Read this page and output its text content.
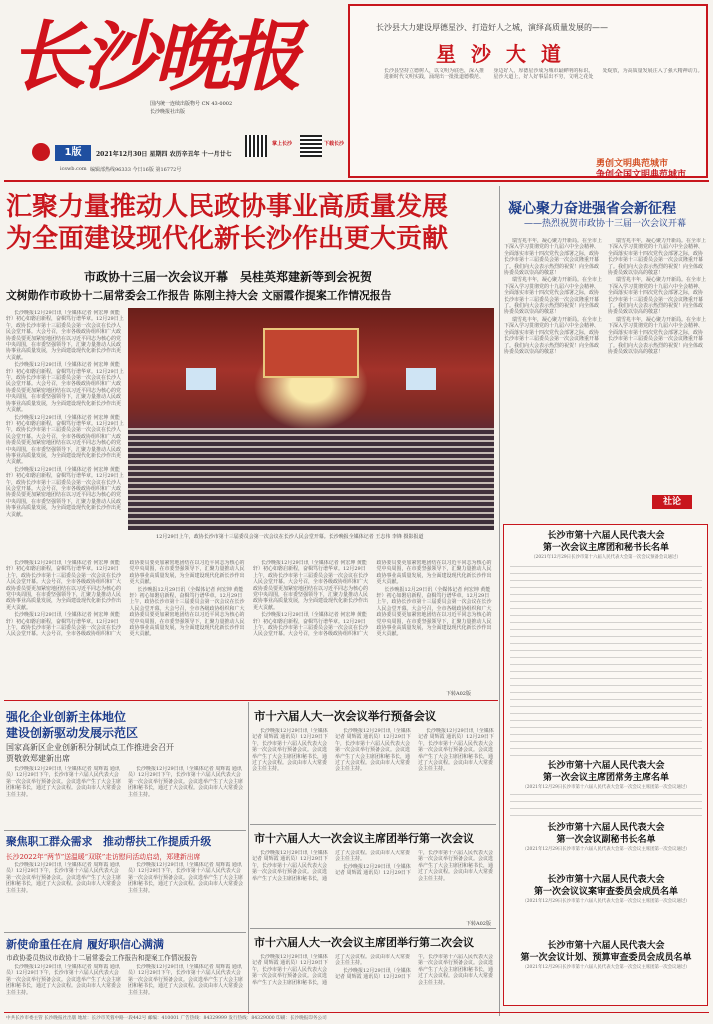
长沙晚报
国内统一连续出版物号 CN 43-0002
长沙晚报社出版
1版	2021年12月30日 星期四 农历辛丑年 十一月廿七
icswb.com 编辑部热线96333 今日16版 第16772号
掌上长沙	下载长沙
长沙县大力建设厚德星沙、打造好人之城，演绎高质量发展的——
星 沙 大 道
长沙县坚持立德树人，以文明为底色，深入推进新时代文明实践，涌现出一批批道德模范、身边好人，厚德星沙成为城市最鲜明的标识。星沙大道上，好人好事层出不穷，文明之花处处绽放，为高质量发展注入了强大精神动力。
勇创文明典范城市
争创全国文明典范城市
汇聚力量推动人民政协事业高质量发展
为全面建设现代化新长沙作出更大贡献
市政协十三届一次会议开幕　吴桂英郑建新等到会祝贺
文树勋作市政协十二届常委会工作报告 陈刚主持大会 文丽霞作提案工作情况报告

长沙晚报12月29日讯（全媒体记者 何宏坤 黄能轩）初心如磐启新程，奋楫笃行谱华章。12月29日上午，政协长沙市第十三届委员会第一次会议在长沙人民会堂开幕。大会号召，全市各级政协组织和广大政协委员要更加紧密地团结在以习近平同志为核心的党中央周围，在市委坚强领导下，汇聚力量推动人民政协事业高质量发展，为全面建设现代化新长沙作出更大贡献。

长沙晚报12月29日讯（全媒体记者 何宏坤 黄能轩）初心如磐启新程，奋楫笃行谱华章。12月29日上午，政协长沙市第十三届委员会第一次会议在长沙人民会堂开幕。大会号召，全市各级政协组织和广大政协委员要更加紧密地团结在以习近平同志为核心的党中央周围，在市委坚强领导下，汇聚力量推动人民政协事业高质量发展，为全面建设现代化新长沙作出更大贡献。

长沙晚报12月29日讯（全媒体记者 何宏坤 黄能轩）初心如磐启新程，奋楫笃行谱华章。12月29日上午，政协长沙市第十三届委员会第一次会议在长沙人民会堂开幕。大会号召，全市各级政协组织和广大政协委员要更加紧密地团结在以习近平同志为核心的党中央周围，在市委坚强领导下，汇聚力量推动人民政协事业高质量发展，为全面建设现代化新长沙作出更大贡献。

长沙晚报12月29日讯（全媒体记者 何宏坤 黄能轩）初心如磐启新程，奋楫笃行谱华章。12月29日上午，政协长沙市第十三届委员会第一次会议在长沙人民会堂开幕。大会号召，全市各级政协组织和广大政协委员要更加紧密地团结在以习近平同志为核心的党中央周围，在市委坚强领导下，汇聚力量推动人民政协事业高质量发展，为全面建设现代化新长沙作出更大贡献。

12月29日上午，政协长沙市第十三届委员会第一次会议在长沙人民会堂开幕。长沙晚报全媒体记者 王志伟 李锋 摄影报道

长沙晚报12月29日讯（全媒体记者 何宏坤 黄能轩）初心如磐启新程，奋楫笃行谱华章。12月29日上午，政协长沙市第十三届委员会第一次会议在长沙人民会堂开幕。大会号召，全市各级政协组织和广大政协委员要更加紧密地团结在以习近平同志为核心的党中央周围，在市委坚强领导下，汇聚力量推动人民政协事业高质量发展，为全面建设现代化新长沙作出更大贡献。

长沙晚报12月29日讯（全媒体记者 何宏坤 黄能轩）初心如磐启新程，奋楫笃行谱华章。12月29日上午，政协长沙市第十三届委员会第一次会议在长沙人民会堂开幕。大会号召，全市各级政协组织和广大政协委员要更加紧密地团结在以习近平同志为核心的党中央周围，在市委坚强领导下，汇聚力量推动人民政协事业高质量发展，为全面建设现代化新长沙作出更大贡献。

长沙晚报12月29日讯（全媒体记者 何宏坤 黄能轩）初心如磐启新程，奋楫笃行谱华章。12月29日上午，政协长沙市第十三届委员会第一次会议在长沙人民会堂开幕。大会号召，全市各级政协组织和广大政协委员要更加紧密地团结在以习近平同志为核心的党中央周围，在市委坚强领导下，汇聚力量推动人民政协事业高质量发展，为全面建设现代化新长沙作出更大贡献。

长沙晚报12月29日讯（全媒体记者 何宏坤 黄能轩）初心如磐启新程，奋楫笃行谱华章。12月29日上午，政协长沙市第十三届委员会第一次会议在长沙人民会堂开幕。大会号召，全市各级政协组织和广大政协委员要更加紧密地团结在以习近平同志为核心的党中央周围，在市委坚强领导下，汇聚力量推动人民政协事业高质量发展，为全面建设现代化新长沙作出更大贡献。

长沙晚报12月29日讯（全媒体记者 何宏坤 黄能轩）初心如磐启新程，奋楫笃行谱华章。12月29日上午，政协长沙市第十三届委员会第一次会议在长沙人民会堂开幕。大会号召，全市各级政协组织和广大政协委员要更加紧密地团结在以习近平同志为核心的党中央周围，在市委坚强领导下，汇聚力量推动人民政协事业高质量发展，为全面建设现代化新长沙作出更大贡献。

长沙晚报12月29日讯（全媒体记者 何宏坤 黄能轩）初心如磐启新程，奋楫笃行谱华章。12月29日上午，政协长沙市第十三届委员会第一次会议在长沙人民会堂开幕。大会号召，全市各级政协组织和广大政协委员要更加紧密地团结在以习近平同志为核心的党中央周围，在市委坚强领导下，汇聚力量推动人民政协事业高质量发展，为全面建设现代化新长沙作出更大贡献。

下转A02版
凝心聚力奋进强省会新征程
——热烈祝贺市政协十三届一次会议开幕

瑞雪兆丰年，凝心聚力开新局。在全市上下深入学习贯彻党的十九届六中全会精神、全面落实市第十四次党代会部署之际，政协长沙市第十三届委员会第一次会议隆重开幕了。我们向大会表示热烈的祝贺！向全体政协委员致以崇高的敬意！

瑞雪兆丰年，凝心聚力开新局。在全市上下深入学习贯彻党的十九届六中全会精神、全面落实市第十四次党代会部署之际，政协长沙市第十三届委员会第一次会议隆重开幕了。我们向大会表示热烈的祝贺！向全体政协委员致以崇高的敬意！

瑞雪兆丰年，凝心聚力开新局。在全市上下深入学习贯彻党的十九届六中全会精神、全面落实市第十四次党代会部署之际，政协长沙市第十三届委员会第一次会议隆重开幕了。我们向大会表示热烈的祝贺！向全体政协委员致以崇高的敬意！

瑞雪兆丰年，凝心聚力开新局。在全市上下深入学习贯彻党的十九届六中全会精神、全面落实市第十四次党代会部署之际，政协长沙市第十三届委员会第一次会议隆重开幕了。我们向大会表示热烈的祝贺！向全体政协委员致以崇高的敬意！

瑞雪兆丰年，凝心聚力开新局。在全市上下深入学习贯彻党的十九届六中全会精神、全面落实市第十四次党代会部署之际，政协长沙市第十三届委员会第一次会议隆重开幕了。我们向大会表示热烈的祝贺！向全体政协委员致以崇高的敬意！

瑞雪兆丰年，凝心聚力开新局。在全市上下深入学习贯彻党的十九届六中全会精神、全面落实市第十四次党代会部署之际，政协长沙市第十三届委员会第一次会议隆重开幕了。我们向大会表示热烈的祝贺！向全体政协委员致以崇高的敬意！

社论
长沙市第十六届人民代表大会
第一次会议主席团和秘书长名单
（2021年12月29日长沙市第十六届人民代表大会第一次会议预备会议通过）
长沙市第十六届人民代表大会
第一次会议主席团常务主席名单
（2021年12月29日长沙市第十六届人民代表大会第一次会议主席团第一次会议通过）
长沙市第十六届人民代表大会
第一次会议副秘书长名单
（2021年12月29日长沙市第十六届人民代表大会第一次会议主席团第一次会议通过）
长沙市第十六届人民代表大会
第一次会议议案审查委员会成员名单
（2021年12月29日长沙市第十六届人民代表大会第一次会议主席团第一次会议通过）
长沙市第十六届人民代表大会
第一次会议计划、预算审查委员会成员名单
（2021年12月29日长沙市第十六届人民代表大会第一次会议主席团第一次会议通过）
强化企业创新主体地位
建设创新驱动发展示范区
国家高新区企业创新积分制试点工作推进会召开
贾敬敦郑建新出席

长沙晚报12月29日讯（全媒体记者 周辉霞 通讯员）12月29日下午，长沙市第十六届人民代表大会第一次会议举行预备会议。会议选举产生了大会主席团和秘书长，通过了大会议程。会议由市人大常委会主任主持。

长沙晚报12月29日讯（全媒体记者 周辉霞 通讯员）12月29日下午，长沙市第十六届人民代表大会第一次会议举行预备会议。会议选举产生了大会主席团和秘书长，通过了大会议程。会议由市人大常委会主任主持。

聚焦职工群众需求　推动帮扶工作提质升级
长沙2022年“两节”送温暖“双联”走访慰问活动启动，郑建新出席

长沙晚报12月29日讯（全媒体记者 周辉霞 通讯员）12月29日下午，长沙市第十六届人民代表大会第一次会议举行预备会议。会议选举产生了大会主席团和秘书长，通过了大会议程。会议由市人大常委会主任主持。

长沙晚报12月29日讯（全媒体记者 周辉霞 通讯员）12月29日下午，长沙市第十六届人民代表大会第一次会议举行预备会议。会议选举产生了大会主席团和秘书长，通过了大会议程。会议由市人大常委会主任主持。

新使命重任在肩 履好职信心满满
市政协委员热议市政协十二届常委会工作报告和提案工作情况报告

长沙晚报12月29日讯（全媒体记者 周辉霞 通讯员）12月29日下午，长沙市第十六届人民代表大会第一次会议举行预备会议。会议选举产生了大会主席团和秘书长，通过了大会议程。会议由市人大常委会主任主持。

长沙晚报12月29日讯（全媒体记者 周辉霞 通讯员）12月29日下午，长沙市第十六届人民代表大会第一次会议举行预备会议。会议选举产生了大会主席团和秘书长，通过了大会议程。会议由市人大常委会主任主持。

市十六届人大一次会议举行预备会议

长沙晚报12月29日讯（全媒体记者 周辉霞 通讯员）12月29日下午，长沙市第十六届人民代表大会第一次会议举行预备会议。会议选举产生了大会主席团和秘书长，通过了大会议程。会议由市人大常委会主任主持。

长沙晚报12月29日讯（全媒体记者 周辉霞 通讯员）12月29日下午，长沙市第十六届人民代表大会第一次会议举行预备会议。会议选举产生了大会主席团和秘书长，通过了大会议程。会议由市人大常委会主任主持。

长沙晚报12月29日讯（全媒体记者 周辉霞 通讯员）12月29日下午，长沙市第十六届人民代表大会第一次会议举行预备会议。会议选举产生了大会主席团和秘书长，通过了大会议程。会议由市人大常委会主任主持。

市十六届人大一次会议主席团举行第一次会议

长沙晚报12月29日讯（全媒体记者 周辉霞 通讯员）12月29日下午，长沙市第十六届人民代表大会第一次会议举行预备会议。会议选举产生了大会主席团和秘书长，通过了大会议程。会议由市人大常委会主任主持。

长沙晚报12月29日讯（全媒体记者 周辉霞 通讯员）12月29日下午，长沙市第十六届人民代表大会第一次会议举行预备会议。会议选举产生了大会主席团和秘书长，通过了大会议程。会议由市人大常委会主任主持。

下转A02版
市十六届人大一次会议主席团举行第二次会议

长沙晚报12月29日讯（全媒体记者 周辉霞 通讯员）12月29日下午，长沙市第十六届人民代表大会第一次会议举行预备会议。会议选举产生了大会主席团和秘书长，通过了大会议程。会议由市人大常委会主任主持。

长沙晚报12月29日讯（全媒体记者 周辉霞 通讯员）12月29日下午，长沙市第十六届人民代表大会第一次会议举行预备会议。会议选举产生了大会主席团和秘书长，通过了大会议程。会议由市人大常委会主任主持。

中共长沙市委主管 长沙晚报社出版 地址：长沙市芙蓉中路一段442号 邮编：410001 广告热线：84329999 发行热线：84329000 印刷：长沙晚报印务公司
